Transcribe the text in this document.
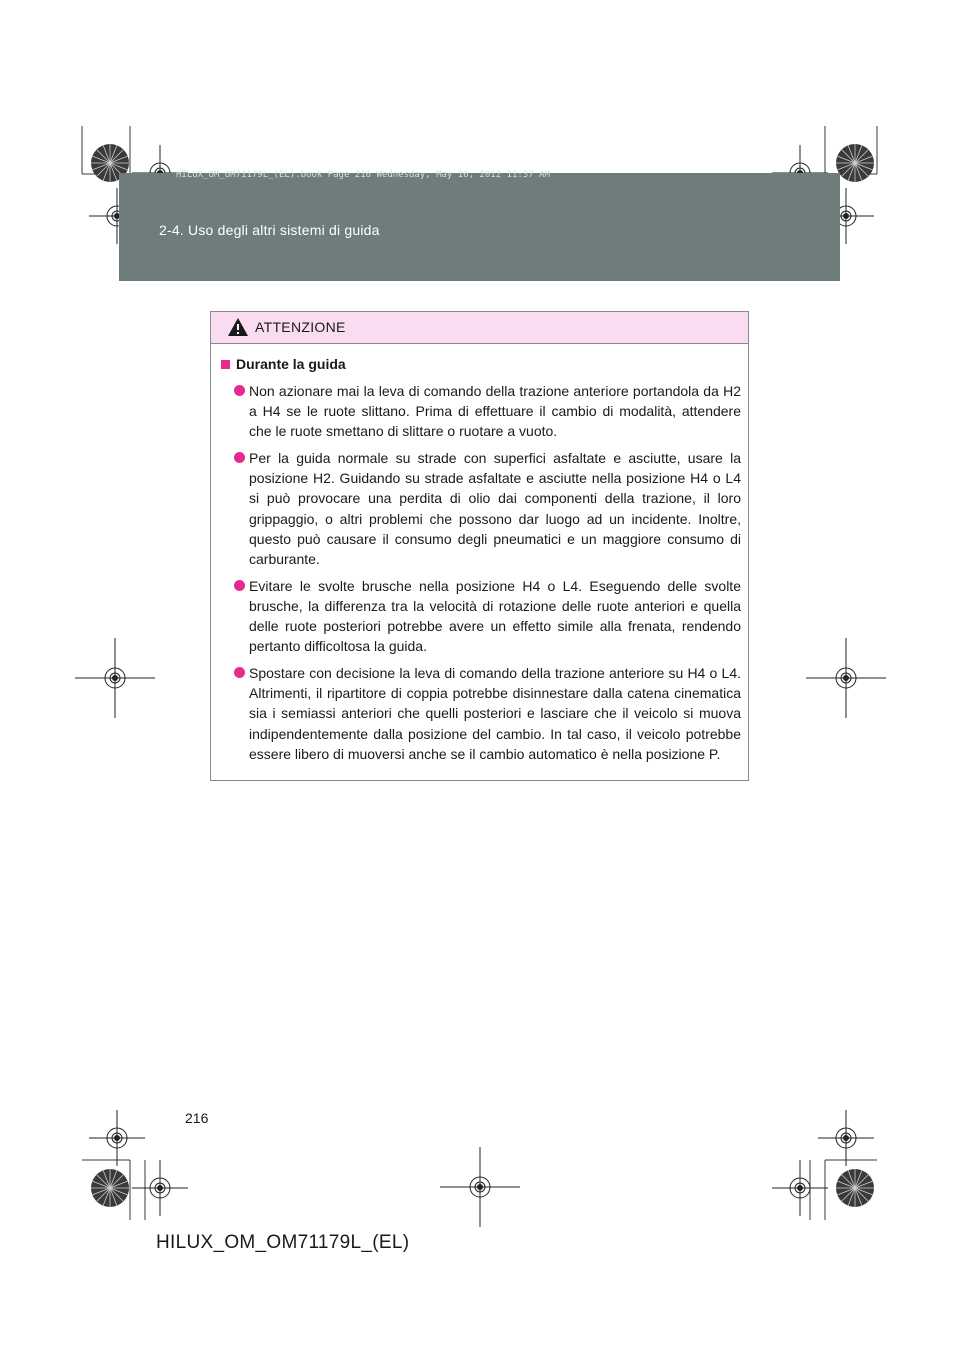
HILUX_OM_OM71179L_(EL).book Page 216 Wednesday, May 16, 2012 11:37 AM
2-4. Uso degli altri sistemi di guida
ATTENZIONE
Durante la guida
Non azionare mai la leva di comando della trazione anteriore portandola da H2 a H4 se le ruote slittano. Prima di effettuare il cambio di modalità, attendere che le ruote smettano di slittare o ruotare a vuoto.
Per la guida normale su strade con superfici asfaltate e asciutte, usare la posizione H2. Guidando su strade asfaltate e asciutte nella posizione H4 o L4 si può provocare una perdita di olio dai componenti della trazione, il loro grippaggio, o altri problemi che possono dar luogo ad un incidente. Inoltre, questo può causare il consumo degli pneumatici e un maggiore consumo di carburante.
Evitare le svolte brusche nella posizione H4 o L4. Eseguendo delle svolte brusche, la differenza tra la velocità di rotazione delle ruote anteriori e quella delle ruote posteriori potrebbe avere un effetto simile alla frenata, rendendo pertanto difficoltosa la guida.
Spostare con decisione la leva di comando della trazione anteriore su H4 o L4. Altrimenti, il ripartitore di coppia potrebbe disinnestare dalla catena cinematica sia i semiassi anteriori che quelli posteriori e lasciare che il veicolo si muova indipendentemente dalla posizione del cambio. In tal caso, il veicolo potrebbe essere libero di muoversi anche se il cambio automatico è nella posizione P.
216
HILUX_OM_OM71179L_(EL)
